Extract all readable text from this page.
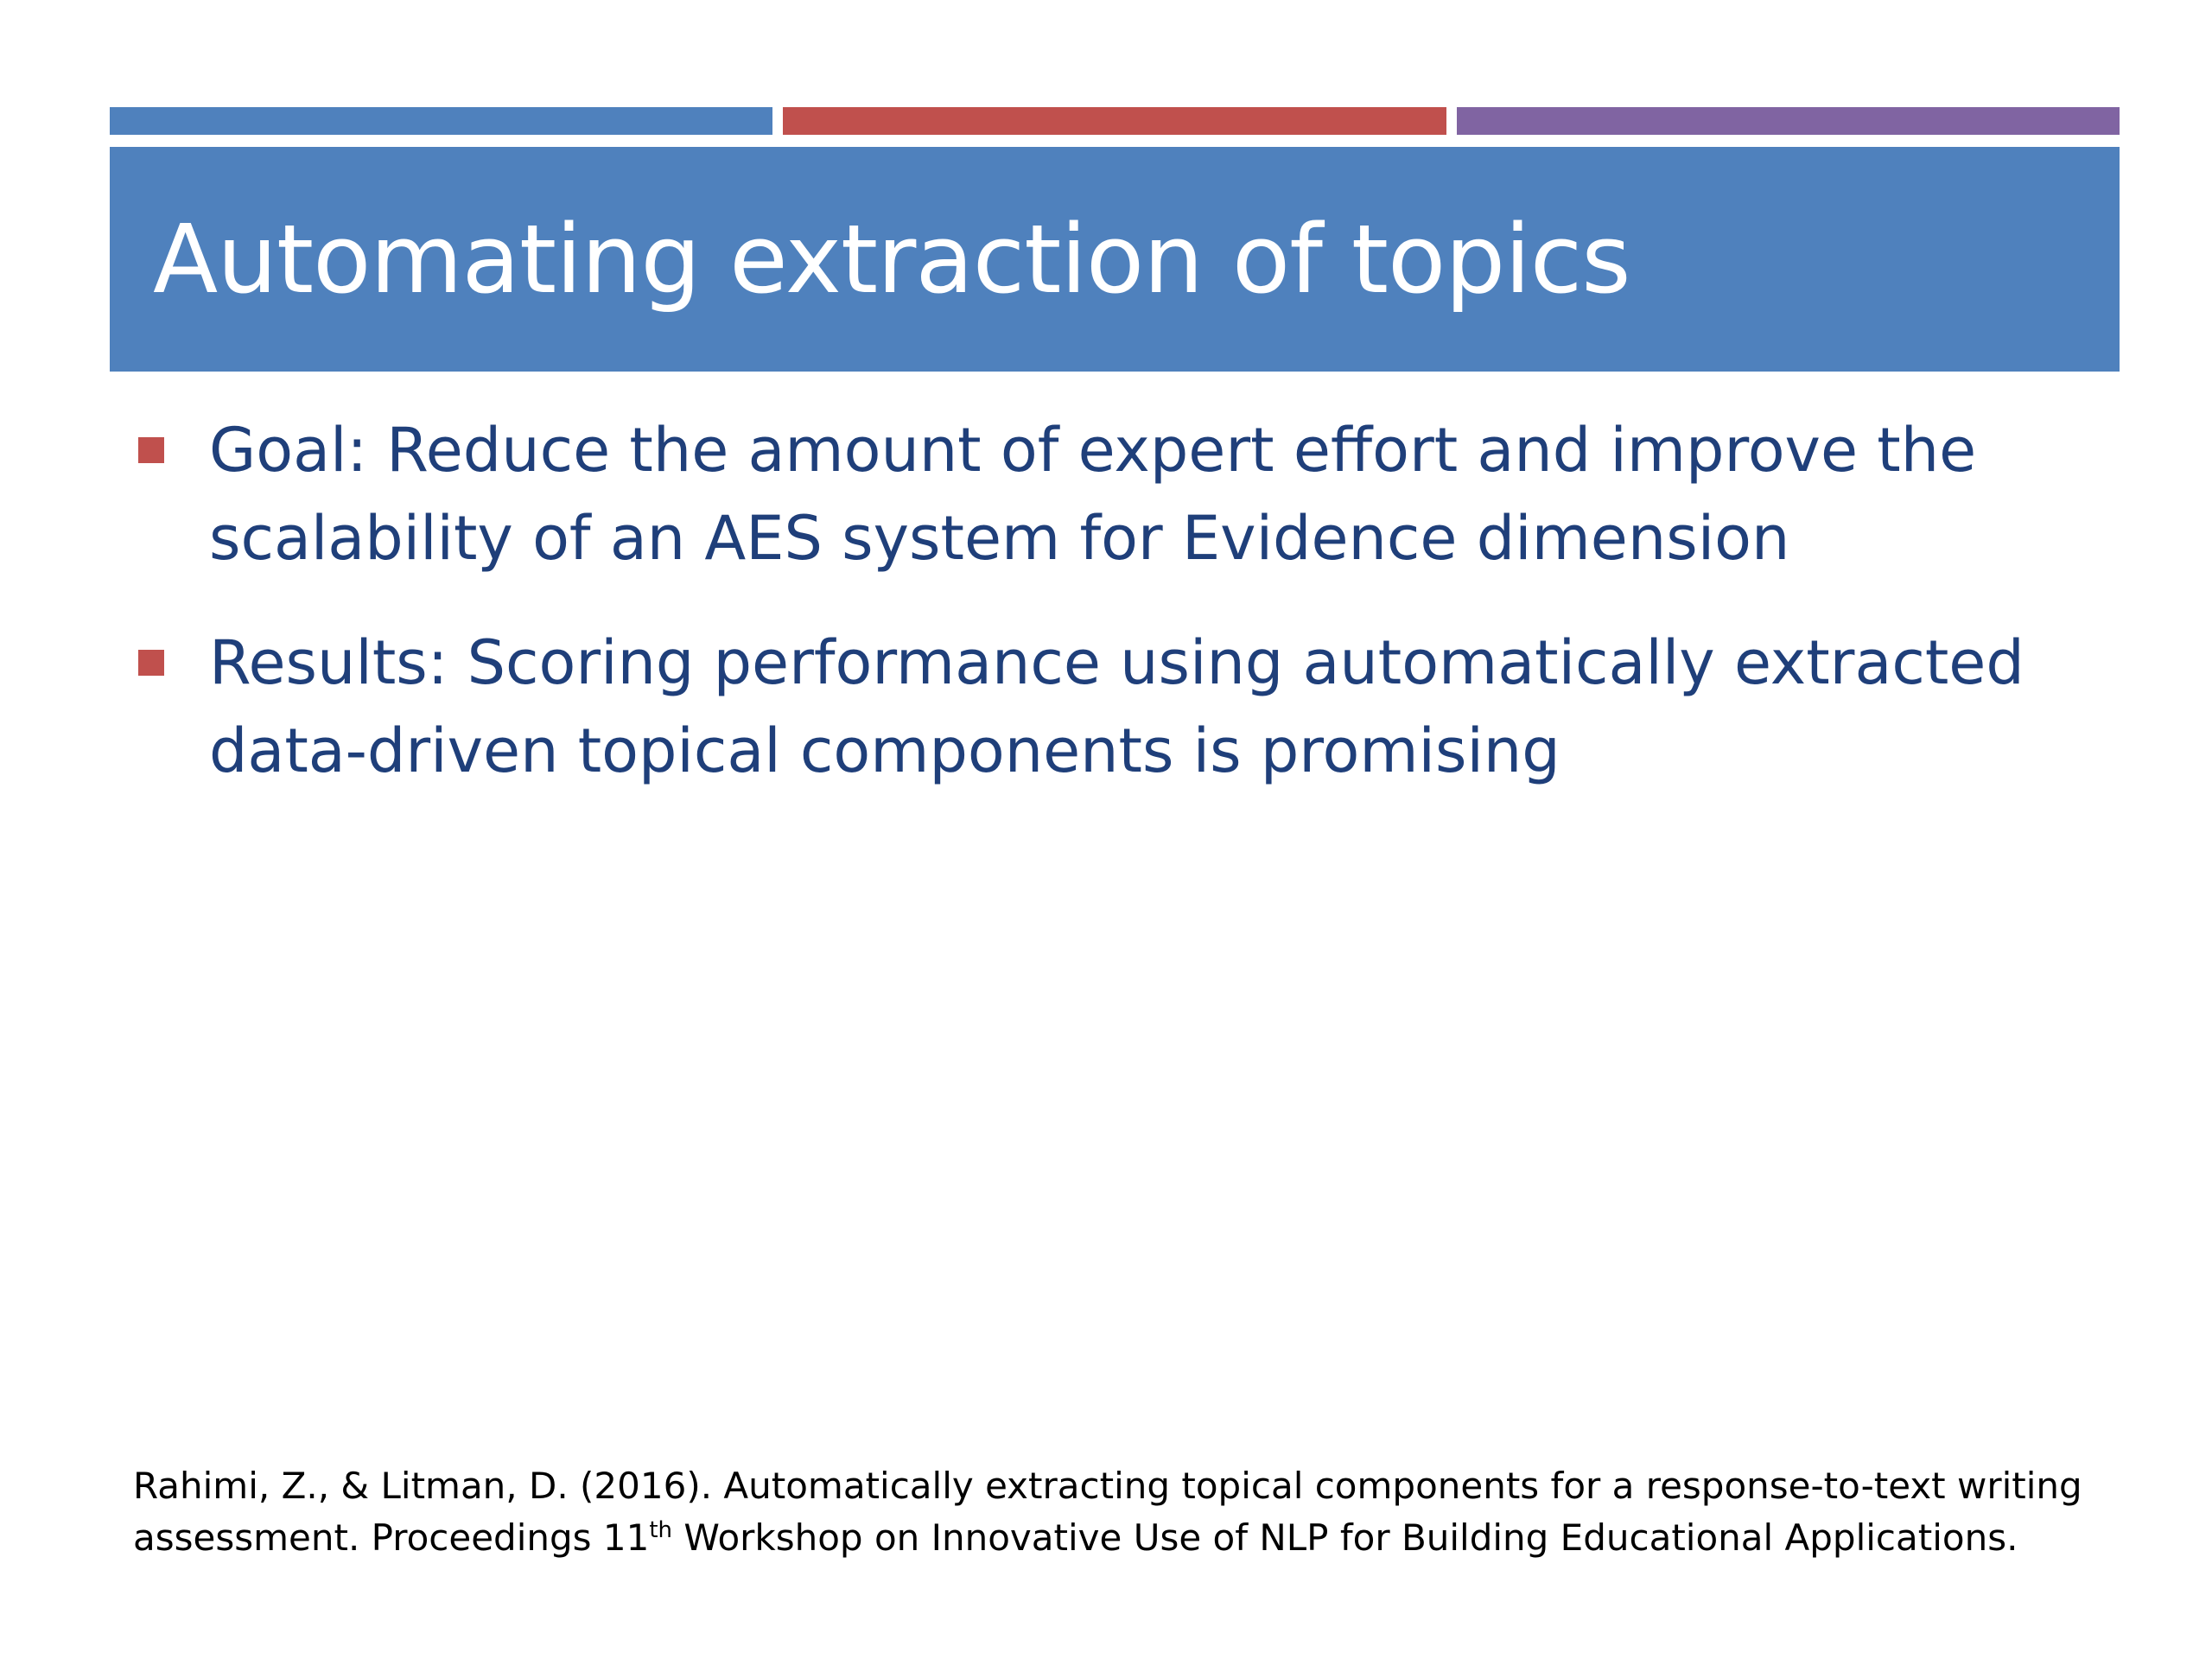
Automating extraction of topics
Goal: Reduce the amount of expert effort and improve the scalability of an AES system for Evidence dimension
Results: Scoring performance using automatically extracted data-driven topical components is promising
Rahimi, Z., & Litman, D. (2016). Automatically extracting topical components for a response-to-text writing assessment. Proceedings 11th Workshop on Innovative Use of NLP for Building Educational Applications.
